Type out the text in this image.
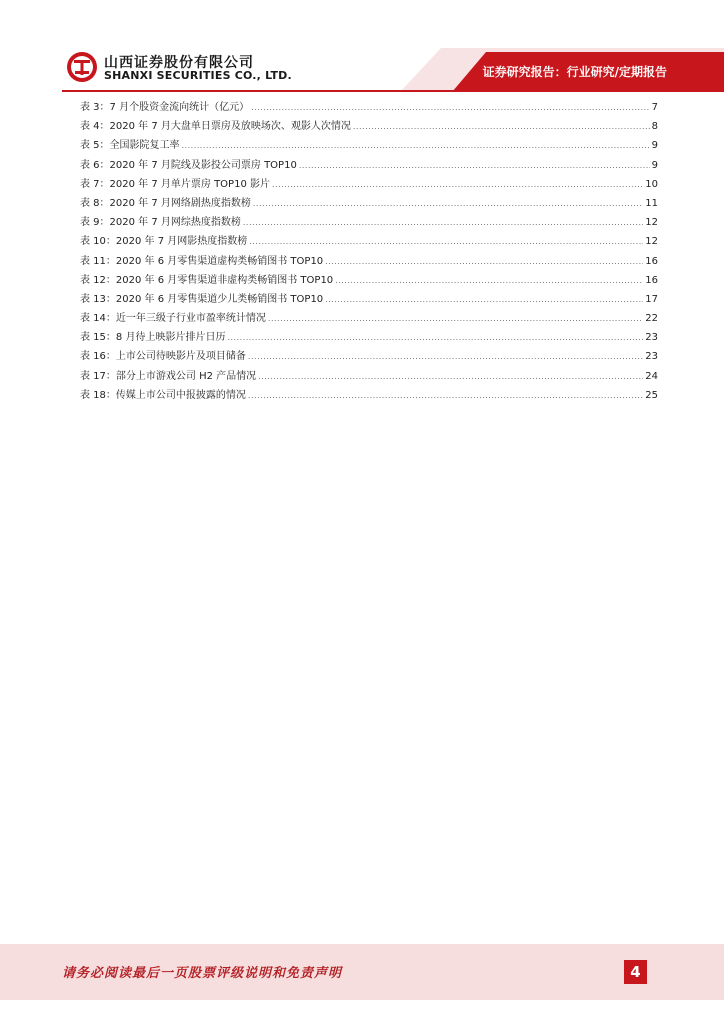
山西证券股份有限公司
SHANXI SECURITIES CO., LTD.	证券研究报告：行业研究/定期报告
表 3：7 月个股资金流向统计（亿元） .....	7
表 4：2020 年 7 月大盘单日票房及放映场次、观影人次情况 .....	8
表 5：全国影院复工率 .....	9
表 6：2020 年 7 月院线及影投公司票房 TOP10 .....	9
表 7：2020 年 7 月单片票房 TOP10 影片 .....	10
表 8：2020 年 7 月网络剧热度指数榜 .....	11
表 9：2020 年 7 月网综热度指数榜 .....	12
表 10：2020 年 7 月网影热度指数榜 .....	12
表 11：2020 年 6 月零售渠道虚构类畅销图书 TOP10 .....	16
表 12：2020 年 6 月零售渠道非虚构类畅销图书 TOP10 .....	16
表 13：2020 年 6 月零售渠道少儿类畅销图书 TOP10 .....	17
表 14：近一年三级子行业市盈率统计情况 .....	22
表 15：8 月待上映影片排片日历 .....	23
表 16：上市公司待映影片及项目储备 .....	23
表 17：部分上市游戏公司 H2 产品情况 .....	24
表 18：传媒上市公司中报披露的情况 .....	25
请务必阅读最后一页股票评级说明和免责声明	4
